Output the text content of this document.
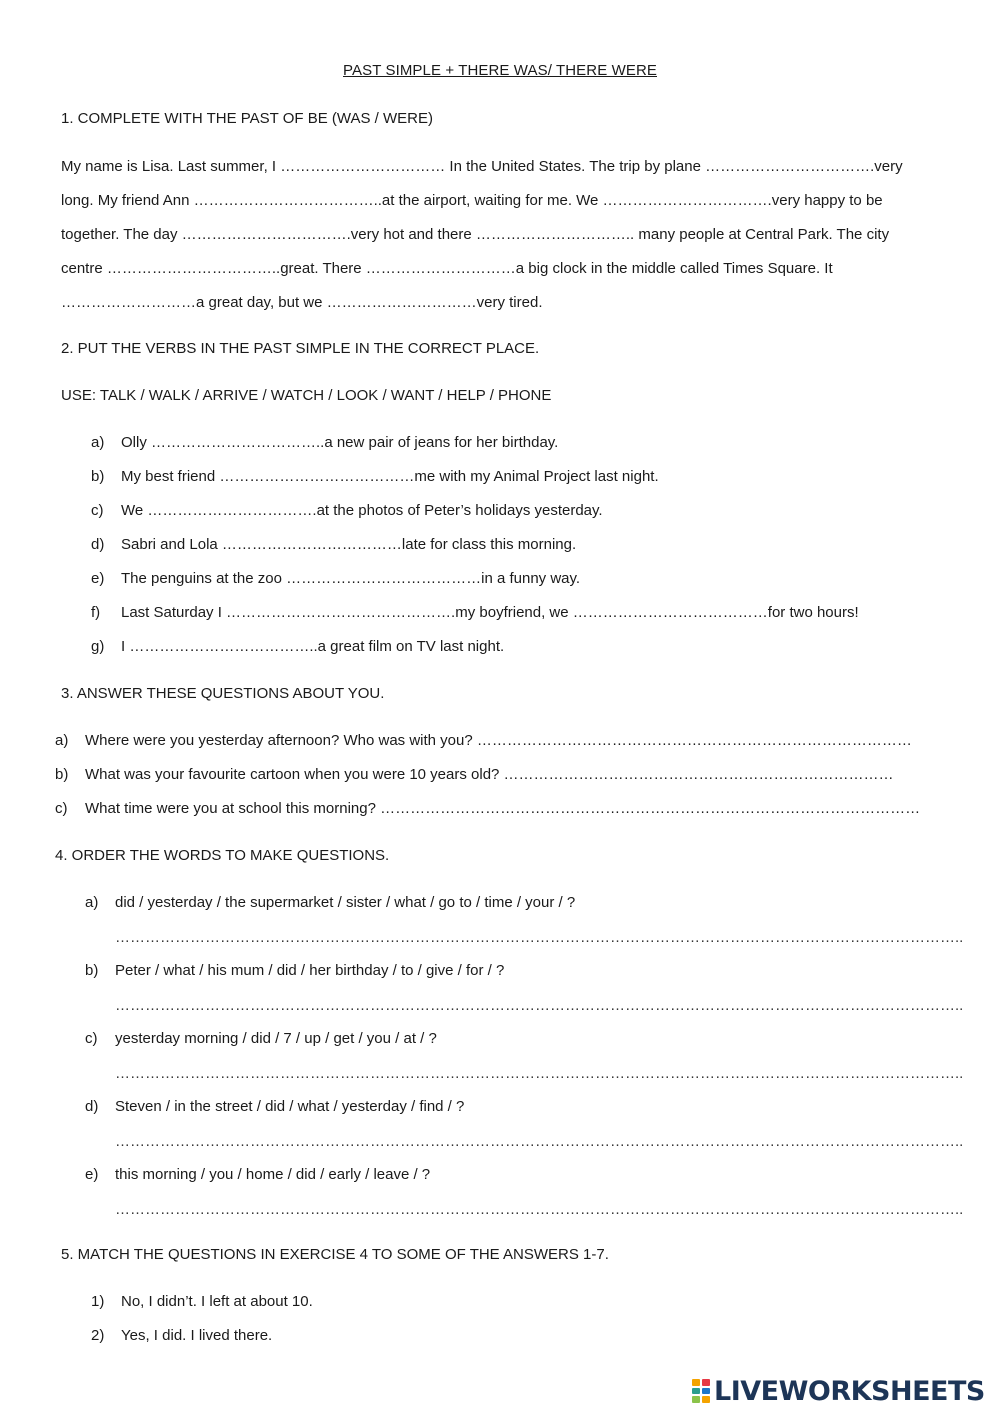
PAST SIMPLE + THERE WAS/ THERE WERE
1. COMPLETE WITH THE PAST OF BE (WAS / WERE)
My name is Lisa. Last summer, I …………………………… In the United States. The trip by plane …………………………….very
long. My friend Ann ………………………………..at the airport, waiting for me. We …………………………….very happy to be
together. The day …………………………….very hot and there ………………………….. many people at Central Park. The city
centre ……………………………..great. There …………………………a big clock in the middle called Times Square. It
………………………a great day, but we …………………………very tired.
2. PUT THE VERBS IN THE PAST SIMPLE IN THE CORRECT PLACE.
USE: TALK / WALK / ARRIVE / WATCH / LOOK / WANT / HELP / PHONE
a) Olly ……………………………..a new pair of jeans for her birthday.
b) My best friend …………………………………me with my Animal Project last night.
c) We …………………………….at the photos of Peter’s holidays yesterday.
d) Sabri and Lola ………………………………late for class this morning.
e) The penguins at the zoo …………………………………in a funny way.
f) Last Saturday I ……………………………………….my boyfriend, we …………………………………for two hours!
g) I ………………………………..a great film on TV last night.
3. ANSWER THESE QUESTIONS ABOUT YOU.
a) Where were you yesterday afternoon? Who was with you? ……………………………………………………………………………
b) What was your favourite cartoon when you were 10 years old? ……………………………………………………………………
c) What time were you at school this morning? ………………………………………………………………………………………………
4. ORDER THE WORDS TO MAKE QUESTIONS.
a) did / yesterday / the supermarket / sister / what / go to / time / your / ?
……………………………………………………………………………………………………………………………………………………..
b) Peter / what / his mum / did / her birthday / to / give / for / ?
……………………………………………………………………………………………………………………………………………………..
c) yesterday morning / did / 7 / up / get / you / at / ?
……………………………………………………………………………………………………………………………………………………..
d) Steven / in the street / did / what / yesterday / find / ?
……………………………………………………………………………………………………………………………………………………..
e) this morning / you / home / did / early / leave / ?
……………………………………………………………………………………………………………………………………………………..
5. MATCH THE QUESTIONS IN EXERCISE 4 TO SOME OF THE ANSWERS 1-7.
1) No, I didn’t. I left at about 10.
2) Yes, I did. I lived there.
LIVEWORKSHEETS
